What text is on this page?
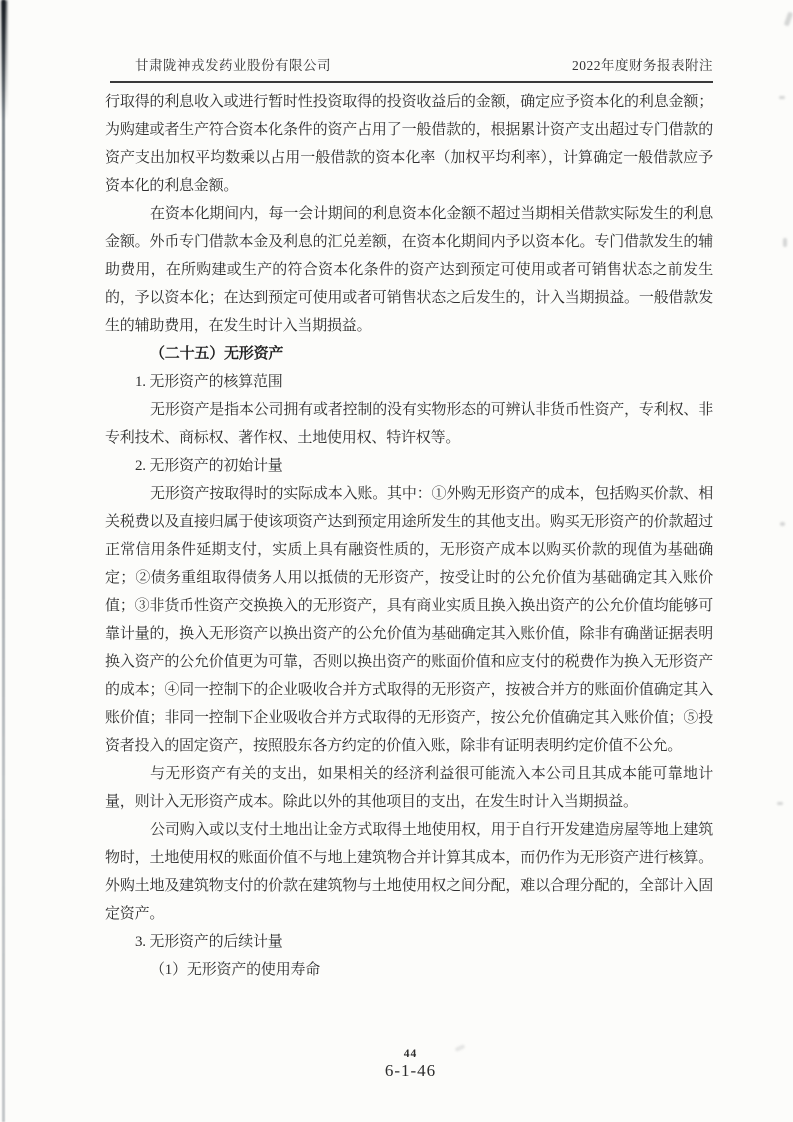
甘肃陇神戎发药业股份有限公司	2022年度财务报表附注
行取得的利息收入或进行暂时性投资取得的投资收益后的金额，确定应予资本化的利息金额；为购建或者生产符合资本化条件的资产占用了一般借款的，根据累计资产支出超过专门借款的资产支出加权平均数乘以占用一般借款的资本化率（加权平均利率），计算确定一般借款应予资本化的利息金额。
在资本化期间内，每一会计期间的利息资本化金额不超过当期相关借款实际发生的利息金额。外币专门借款本金及利息的汇兑差额，在资本化期间内予以资本化。专门借款发生的辅助费用，在所购建或生产的符合资本化条件的资产达到预定可使用或者可销售状态之前发生的，予以资本化；在达到预定可使用或者可销售状态之后发生的，计入当期损益。一般借款发生的辅助费用，在发生时计入当期损益。
（二十五）无形资产
1. 无形资产的核算范围
无形资产是指本公司拥有或者控制的没有实物形态的可辨认非货币性资产，专利权、非专利技术、商标权、著作权、土地使用权、特许权等。
2. 无形资产的初始计量
无形资产按取得时的实际成本入账。其中：①外购无形资产的成本，包括购买价款、相关税费以及直接归属于使该项资产达到预定用途所发生的其他支出。购买无形资产的价款超过正常信用条件延期支付，实质上具有融资性质的，无形资产成本以购买价款的现值为基础确定；②债务重组取得债务人用以抵债的无形资产，按受让时的公允价值为基础确定其入账价值；③非货币性资产交换换入的无形资产，具有商业实质且换入换出资产的公允价值均能够可靠计量的，换入无形资产以换出资产的公允价值为基础确定其入账价值，除非有确凿证据表明换入资产的公允价值更为可靠，否则以换出资产的账面价值和应支付的税费作为换入无形资产的成本；④同一控制下的企业吸收合并方式取得的无形资产，按被合并方的账面价值确定其入账价值；非同一控制下企业吸收合并方式取得的无形资产，按公允价值确定其入账价值；⑤投资者投入的固定资产，按照股东各方约定的价值入账，除非有证明表明约定价值不公允。
与无形资产有关的支出，如果相关的经济利益很可能流入本公司且其成本能可靠地计量，则计入无形资产成本。除此以外的其他项目的支出，在发生时计入当期损益。
公司购入或以支付土地出让金方式取得土地使用权，用于自行开发建造房屋等地上建筑物时，土地使用权的账面价值不与地上建筑物合并计算其成本，而仍作为无形资产进行核算。外购土地及建筑物支付的价款在建筑物与土地使用权之间分配，难以合理分配的，全部计入固定资产。
3. 无形资产的后续计量
（1）无形资产的使用寿命
44
6-1-46
